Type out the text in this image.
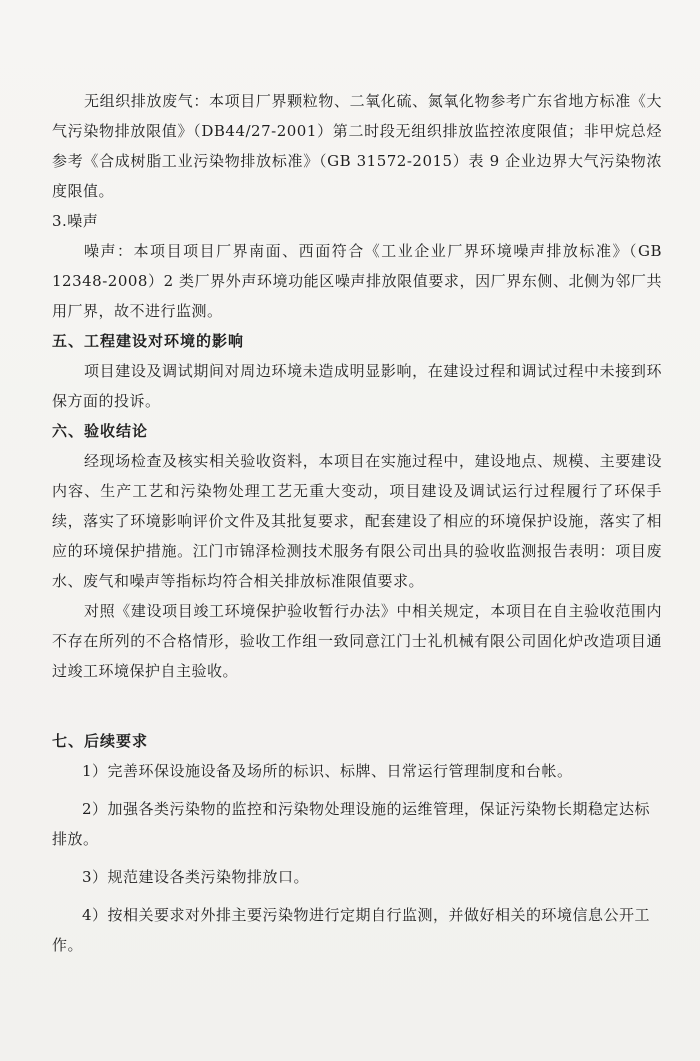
无组织排放废气：本项目厂界颗粒物、二氧化硫、氮氧化物参考广东省地方标准《大气污染物排放限值》（DB44/27-2001）第二时段无组织排放监控浓度限值；非甲烷总烃参考《合成树脂工业污染物排放标准》（GB 31572-2015）表 9 企业边界大气污染物浓度限值。

3.噪声

噪声：本项目项目厂界南面、西面符合《工业企业厂界环境噪声排放标准》（GB 12348-2008）2 类厂界外声环境功能区噪声排放限值要求，因厂界东侧、北侧为邻厂共用厂界，故不进行监测。

五、工程建设对环境的影响

项目建设及调试期间对周边环境未造成明显影响，在建设过程和调试过程中未接到环保方面的投诉。

六、验收结论

经现场检查及核实相关验收资料，本项目在实施过程中，建设地点、规模、主要建设内容、生产工艺和污染物处理工艺无重大变动，项目建设及调试运行过程履行了环保手续，落实了环境影响评价文件及其批复要求，配套建设了相应的环境保护设施，落实了相应的环境保护措施。江门市锦泽检测技术服务有限公司出具的验收监测报告表明：项目废水、废气和噪声等指标均符合相关排放标准限值要求。

对照《建设项目竣工环境保护验收暂行办法》中相关规定，本项目在自主验收范围内不存在所列的不合格情形，验收工作组一致同意江门士礼机械有限公司固化炉改造项目通过竣工环境保护自主验收。

七、后续要求

1）完善环保设施设备及场所的标识、标牌、日常运行管理制度和台帐。

2）加强各类污染物的监控和污染物处理设施的运维管理，保证污染物长期稳定达标排放。

3）规范建设各类污染物排放口。

4）按相关要求对外排主要污染物进行定期自行监测，并做好相关的环境信息公开工作。
